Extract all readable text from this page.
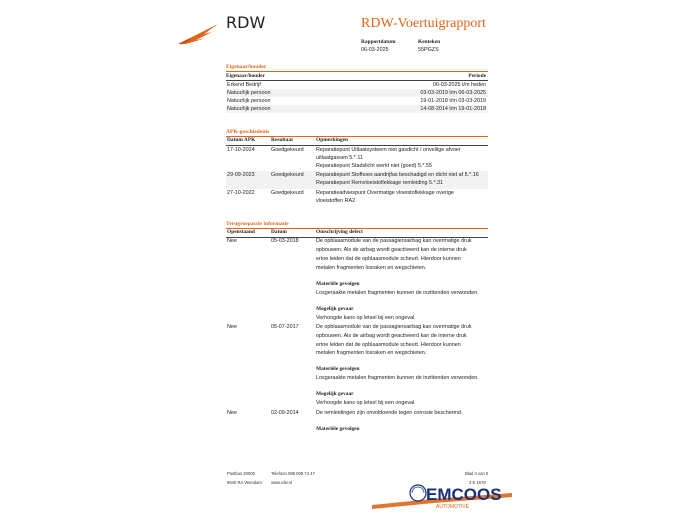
RDW	RDW-Voertuigrapport
Rapportdatum
06-03-2025
Kenteken
55PGZS
Eigenaar/houder
Eigenaar/houder	Periode
Erkend Bedrijf	06-03-2025 t/m heden
Natuurlijk persoon	03-03-2019 t/m 06-03-2025
Natuurlijk persoon	19-01-2018 t/m 03-03-2019
Natuurlijk persoon	14-08-2014 t/m 19-01-2018
APK-geschiedenis
Datum APK	Resultaat	Opmerkingen
17-10-2024	Goedgekeurd Reparatiepunt Uitlaatsysteem niet gasdicht / onveilige afvoer
uitlaatgassen 5.*.11
Reparatiepunt Stadslicht werkt niet (goed) 5.*.55
29-09-2023	Goedgekeurd Reparatiepunt Stofhoes aandrijfas beschadigd en dicht niet af 5.*.16
Reparatiepunt Remvloeistoflekkage remleiding 5.*.31
27-10-2022	Goedgekeurd Reparatieadviespunt Overmatige vloeistoflekkage overige
vloeistoffen RA2
Terugroepactie informatie
Openstaand	Datum	Omschrijving defect
Nee	05-03-2018	De opblaasmodule van de passagiersairbag kan overmatige druk
opbouwen. Als de airbag wordt geactiveerd kan de interne druk
ertoe leiden dat de opblaasmodule scheurt. Hierdoor kunnen
metalen fragmenten losraken en wegschieten.
Materiële gevolgen
Losgeraakte metalen fragmenten kunnen de inzittenden verwonden.
Mogelijk gevaar
Verhoogde kans op letsel bij een ongeval
Nee	05-07-2017	De opblaasmodule van de passagiersairbag kan overmatige druk
opbouwen. Als de airbag wordt geactiveerd kan de interne druk
ertoe leiden dat de opblaasmodule scheurt. Hierdoor kunnen
metalen fragmenten losraken en wegschieten.
Materiële gevolgen
Losgeraakte metalen fragmenten kunnen de inzittenden verwonden.
Mogelijk gevaar
Verhoogde kans op letsel bij een ongeval
Nee	02-09-2014	De remleidingen zijn onvoldoende tegen corrosie beschermd.
Materiële gevolgen
Postbus 30000
9640 RA Veendam
Telefoon 088 008 74 47
www.rdw.nl
Blad 4 van 5
3 E 1678
EMCOOS
AUTOMOTIVE
